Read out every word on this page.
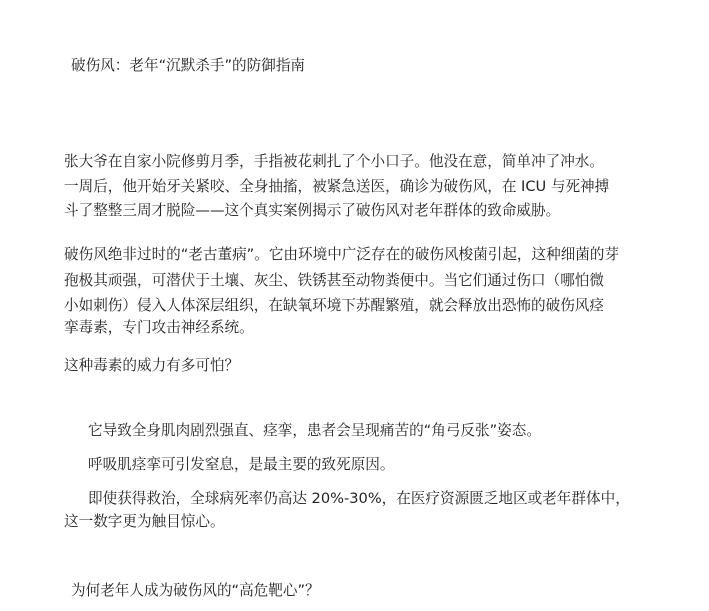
破伤风：老年“沉默杀手”的防御指南
张大爷在自家小院修剪月季，手指被花刺扎了个小口子。他没在意，简单冲了冲水。
一周后，他开始牙关紧咬、全身抽搐，被紧急送医，确诊为破伤风，在 ICU 与死神搏
斗了整整三周才脱险——这个真实案例揭示了破伤风对老年群体的致命威胁。
破伤风绝非过时的“老古董病”。它由环境中广泛存在的破伤风梭菌引起，这种细菌的芽
孢极其顽强，可潜伏于土壤、灰尘、铁锈甚至动物粪便中。当它们通过伤口（哪怕微
小如刺伤）侵入人体深层组织，在缺氧环境下苏醒繁殖，就会释放出恐怖的破伤风痉
挛毒素，专门攻击神经系统。
这种毒素的威力有多可怕？
它导致全身肌肉剧烈强直、痉挛，患者会呈现痛苦的“角弓反张”姿态。
呼吸肌痉挛可引发窒息，是最主要的致死原因。
即使获得救治，全球病死率仍高达 20%-30%，在医疗资源匮乏地区或老年群体中，
这一数字更为触目惊心。
为何老年人成为破伤风的“高危靶心”？
